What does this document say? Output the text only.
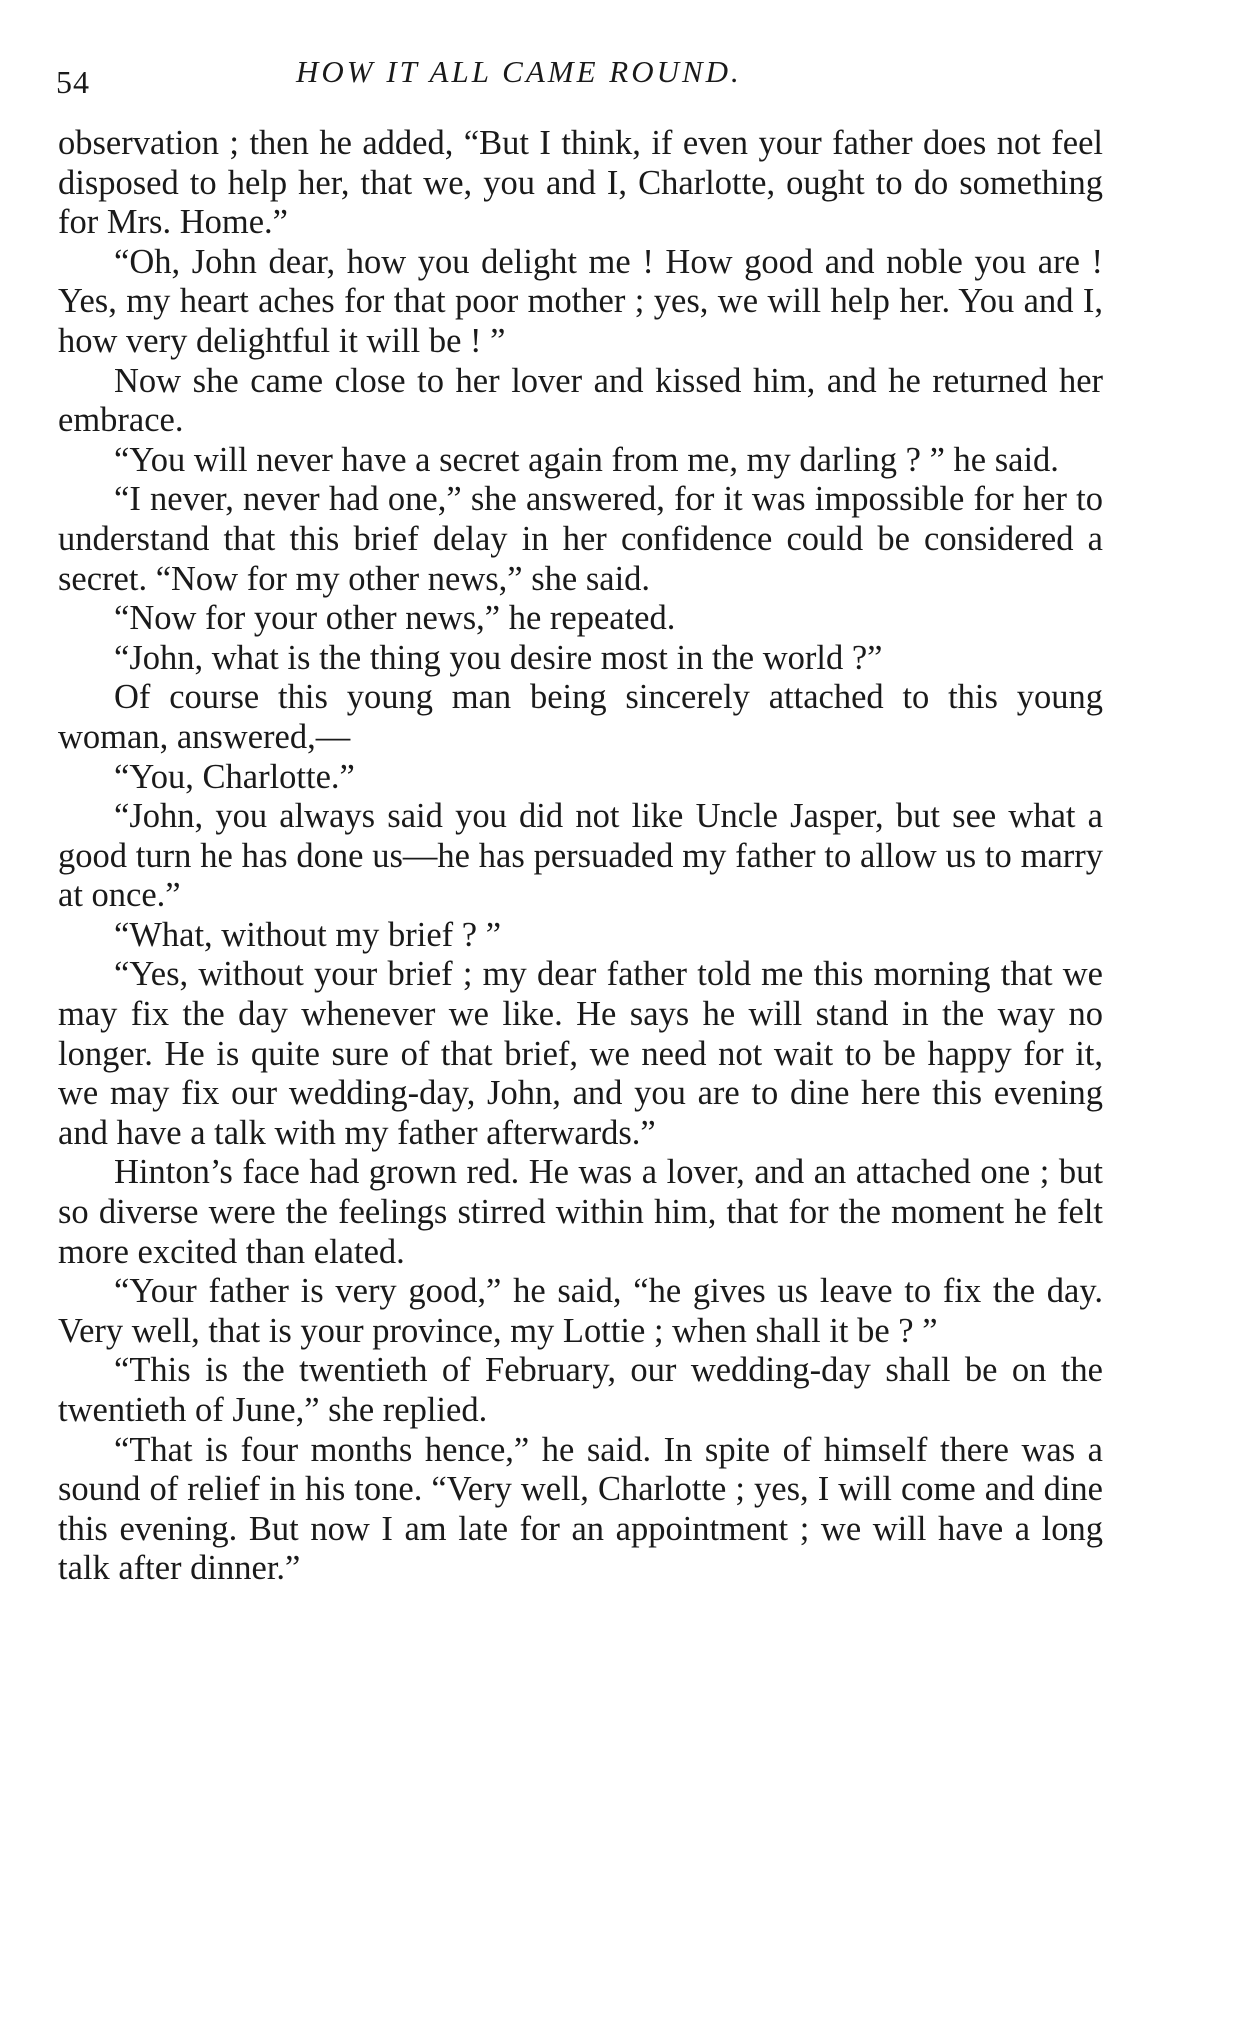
54	HOW IT ALL CAME ROUND.

observation ; then he added, “But I think, if even your father does not feel disposed to help her, that we, you and I, Charlotte, ought to do something for Mrs. Home.”

“Oh, John dear, how you delight me ! How good and noble you are ! Yes, my heart aches for that poor mother ; yes, we will help her. You and I, how very delightful it will be ! ”

Now she came close to her lover and kissed him, and he returned her embrace.

“You will never have a secret again from me, my darling ? ” he said.

“I never, never had one,” she answered, for it was impossible for her to understand that this brief delay in her confidence could be considered a secret. “Now for my other news,” she said.

“Now for your other news,” he repeated.

“John, what is the thing you desire most in the world ?”

Of course this young man being sincerely attached to this young woman, answered,—

“You, Charlotte.”

“John, you always said you did not like Uncle Jasper, but see what a good turn he has done us—he has persuaded my father to allow us to marry at once.”

“What, without my brief ? ”

“Yes, without your brief ; my dear father told me this morning that we may fix the day whenever we like. He says he will stand in the way no longer. He is quite sure of that brief, we need not wait to be happy for it, we may fix our wedding-day, John, and you are to dine here this evening and have a talk with my father afterwards.”

Hinton’s face had grown red. He was a lover, and an attached one ; but so diverse were the feelings stirred within him, that for the moment he felt more excited than elated.

“Your father is very good,” he said, “he gives us leave to fix the day. Very well, that is your province, my Lottie ; when shall it be ? ”

“This is the twentieth of February, our wedding-day shall be on the twentieth of June,” she replied.

“That is four months hence,” he said. In spite of himself there was a sound of relief in his tone. “Very well, Charlotte ; yes, I will come and dine this evening. But now I am late for an appointment ; we will have a long talk after dinner.”
